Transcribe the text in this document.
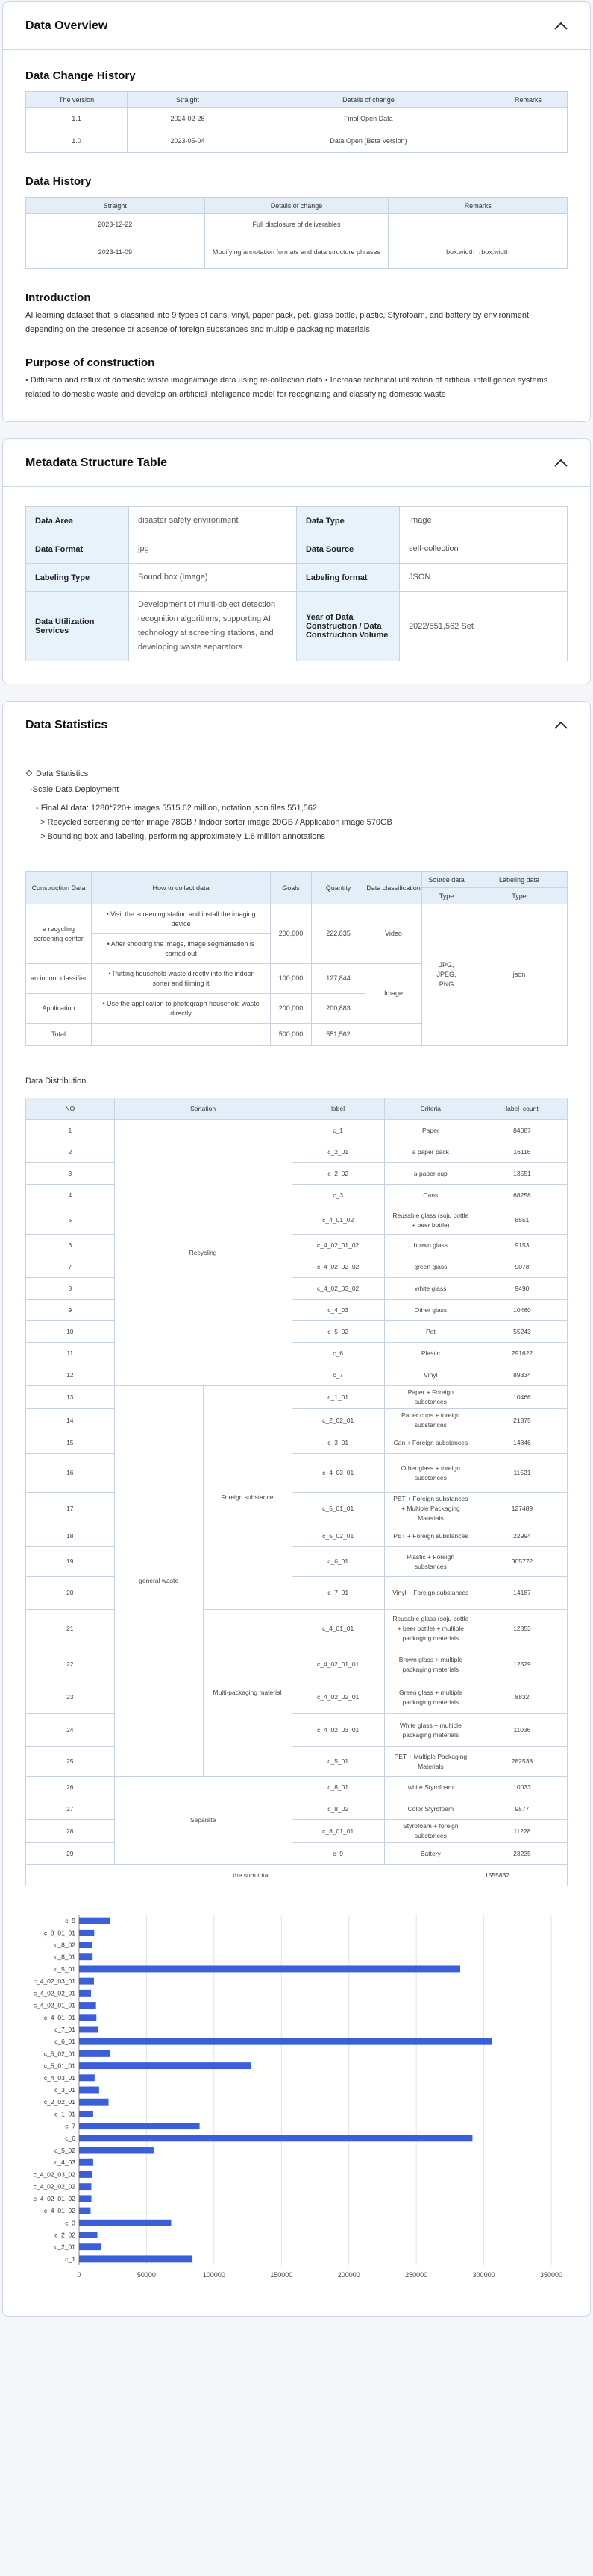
Data Overview
Data Change History
The version	Straight	Details of change	Remarks
1.1	2024-02-28	Final Open Data	
1.0	2023-05-04	Data Open (Beta Version)	
Data History
Straight	Details of change	Remarks
2023-12-22	Full disclosure of deliverables	
2023-11-09	Modifying annotation formats and data structure phrases	box.width→box.width
Introduction

AI learning dataset that is classified into 9 types of cans, vinyl, paper pack, pet, glass bottle, plastic, Styrofoam, and battery by environment depending on the presence or absence of foreign substances and multiple packaging materials

Purpose of construction

• Diffusion and reflux of domestic waste image/image data using re-collection data • Increase technical utilization of artificial intelligence systems related to domestic waste and develop an artificial intelligence model for recognizing and classifying domestic waste

Metadata Structure Table
Data Area	disaster safety environment	Data Type	Image
Data Format	jpg	Data Source	self-collection
Labeling Type	Bound box (Image)	Labeling format	JSON
Data Utilization Services	Development of multi-object detection recognition algorithms, supporting AI technology at screening stations, and developing waste separators	Year of Data Construction / Data Construction Volume	2022/551,562 Set
Data Statistics
Data Statistics
-Scale Data Deployment
- Final AI data: 1280*720+ images 5515.62 million, notation json files 551,562
> Recycled screening center image 78GB / Indoor sorter image 20GB / Application image 570GB
> Bounding box and labeling, performing approximately 1.6 million annotations
Construction Data	How to collect data	Goals	Quantity	Data classification	Source data	Labeling data
					Type	Type
a recycling screening center	• Visit the screening station and install the imaging device	200,000	222,835	Video	JPG, JPEG, PNG	json
	• After shooting the image, image segmentation is carried out					
an indoor classifier	• Putting household waste directly into the indoor sorter and filming it	100,000	127,844	Image		
Application	• Use the application to photograph household waste directly	200,000	200,883			
Total		500,000	551,562			
Data Distribution
NO	Sortation		label	Criteria	label_count
1	Recycling		c_1	Paper	84087
2			c_2_01	a paper pack	16116
3			c_2_02	a paper cup	13551
4			c_3	Cans	68258
5			c_4_01_02	Reusable glass (soju bottle + beer bottle)	8551
6			c_4_02_01_02	brown glass	9153
7			c_4_02_02_02	green glass	9078
8			c_4_02_03_02	white glass	9490
9			c_4_03	Other glass	10460
10			c_5_02	Pet	55243
11			c_6	Plastic	291622
12			c_7	Vinyl	89334
13	general waste	Foreign substance	c_1_01	Paper + Foreign substances	10466
14			c_2_02_01	Paper cups + foreign substances	21875
15			c_3_01	Can + Foreign substances	14846
16			c_4_03_01	Other glass + foreign substances	11521
17			c_5_01_01	PET + Foreign substances + Multiple Packaging Materials	127489
18			c_5_02_01	PET + Foreign substances	22994
19			c_6_01	Plastic + Foreign substances	305772
20			c_7_01	Vinyl + Foreign substances	14187
21		Multi-packaging material	c_4_01_01	Reusable glass (soju bottle + beer bottle) + multiple packaging materials	12853
22			c_4_02_01_01	Brown glass + multiple packaging materials	12529
23			c_4_02_02_01	Green glass + multiple packaging materials	8832
24			c_4_02_03_01	White glass + multiple packaging materials	11036
25			c_5_01	PET + Multiple Packaging Materials	282538
26	Separate		c_8_01	white Styrofoam	10033
27			c_8_02	Color Styrofoam	9577
28			c_8_01_01	Styrofoam + foreign substances	11228
29			c_9	Battery	23235
the sum total					1555832
0	50000	100000	150000	200000	250000	300000	350000
c_9
c_8_01_01
c_8_02
c_8_01
c_5_01
c_4_02_03_01
c_4_02_02_01
c_4_02_01_01
c_4_01_01
c_7_01
c_6_01
c_5_02_01
c_5_01_01
c_4_03_01
c_3_01
c_2_02_01
c_1_01
c_7
c_6
c_5_02
c_4_03
c_4_02_03_02
c_4_02_02_02
c_4_02_01_02
c_4_01_02
c_3
c_2_02
c_2_01
c_1
